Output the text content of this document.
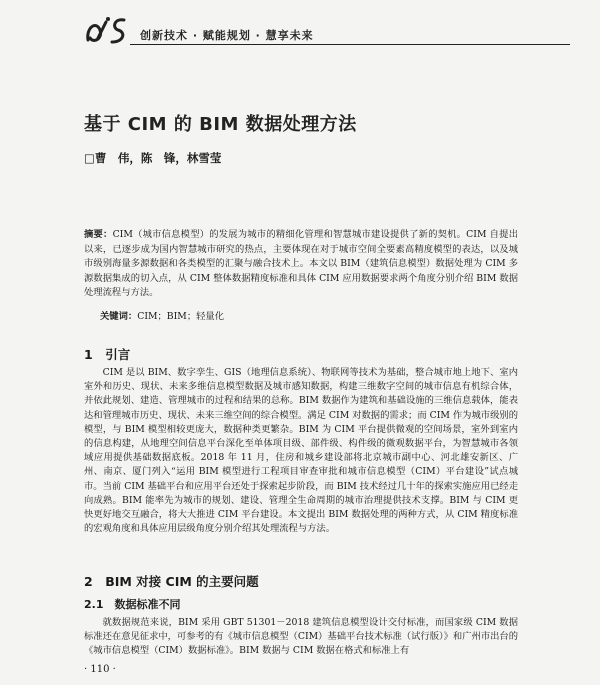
创新技术 · 赋能规划 · 慧享未来
基于 CIM 的 BIM 数据处理方法
□曹　伟，陈　锋，林雪莹
摘要：CIM（城市信息模型）的发展为城市的精细化管理和智慧城市建设提供了新的契机。CIM 自提出以来，已逐步成为国内智慧城市研究的热点，主要体现在对于城市空间全要素高精度模型的表达，以及城市级别海量多源数据和各类模型的汇聚与融合技术上。本文以 BIM（建筑信息模型）数据处理为 CIM 多源数据集成的切入点，从 CIM 整体数据精度标准和具体 CIM 应用数据要求两个角度分别介绍 BIM 数据处理流程与方法。
关键词：CIM；BIM；轻量化
1　引言

CIM 是以 BIM、数字孪生、GIS（地理信息系统）、物联网等技术为基础，整合城市地上地下、室内室外和历史、现状、未来多维信息模型数据及城市感知数据，构建三维数字空间的城市信息有机综合体，并依此规划、建造、管理城市的过程和结果的总称。BIM 数据作为建筑和基础设施的三维信息载体，能表达和管理城市历史、现状、未来三维空间的综合模型。满足 CIM 对数据的需求；而 CIM 作为城市级别的模型，与 BIM 模型相较更庞大，数据种类更繁杂。BIM 为 CIM 平台提供微观的空间场景，室外到室内的信息构建，从地理空间信息平台深化至单体项目级、部件级、构件级的微观数据平台，为智慧城市各领域应用提供基础数据底板。2018 年 11 月，住房和城乡建设部将北京城市副中心、河北雄安新区、广州、南京、厦门列入“运用 BIM 模型进行工程项目审查审批和城市信息模型（CIM）平台建设”试点城市。当前 CIM 基础平台和应用平台还处于探索起步阶段，而 BIM 技术经过几十年的探索实施应用已经走向成熟。BIM 能率先为城市的规划、建设、管理全生命周期的城市治理提供技术支撑。BIM 与 CIM 更快更好地交互融合，将大大推进 CIM 平台建设。本文提出 BIM 数据处理的两种方式，从 CIM 精度标准的宏观角度和具体应用层级角度分别介绍其处理流程与方法。

2　BIM 对接 CIM 的主要问题
2.1　数据标准不同

就数据规范来说，BIM 采用 GBT 51301－2018 建筑信息模型设计交付标准，而国家级 CIM 数据标准还在意见征求中，可参考的有《城市信息模型（CIM）基础平台技术标准（试行版）》和广州市出台的《城市信息模型（CIM）数据标准》。BIM 数据与 CIM 数据在格式和标准上有

· 110 ·
